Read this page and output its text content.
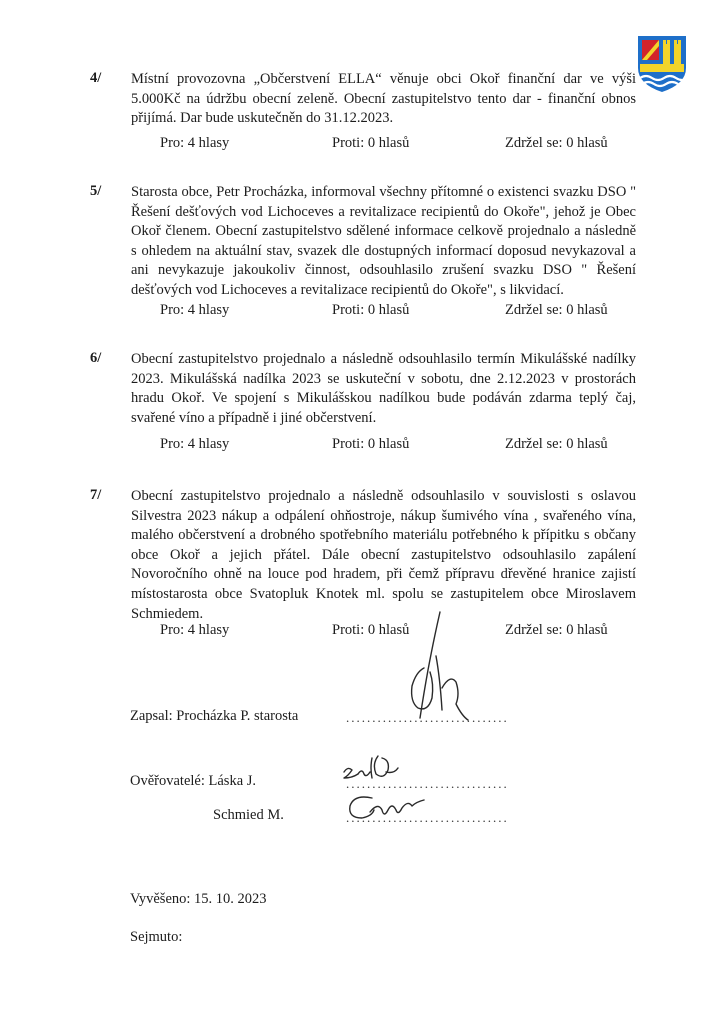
4/ Místní provozovna „Občerstvení ELLA“ věnuje obci Okoř finanční dar ve výši 5.000Kč na údržbu obecní zeleně. Obecní zastupitelstvo tento dar - finanční obnos přijímá. Dar bude uskutečněn do 31.12.2023.

Pro: 4 hlasy	Proti: 0 hlasů	Zdržel se: 0 hlasů
5/ Starosta obce, Petr Procházka, informoval všechny přítomné o existenci svazku DSO " Řešení dešťových vod Lichoceves a revitalizace recipientů do Okoře", jehož je Obec Okoř členem. Obecní zastupitelstvo sdělené informace celkově projednalo a následně s ohledem na aktuální stav, svazek dle dostupných informací doposud nevykazoval a ani nevykazuje jakoukoliv činnost, odsouhlasilo zrušení svazku DSO " Řešení dešťových vod Lichoceves a revitalizace recipientů do Okoře", s likvidací.

Pro: 4 hlasy	Proti: 0 hlasů	Zdržel se: 0 hlasů
6/ Obecní zastupitelstvo projednalo a následně odsouhlasilo termín Mikulášské nadílky 2023. Mikulášská nadílka 2023 se uskuteční v sobotu, dne 2.12.2023 v prostorách hradu Okoř. Ve spojení s Mikulášskou nadílkou bude podáván zdarma teplý čaj, svařené víno a případně i jiné občerstvení.

Pro: 4 hlasy	Proti: 0 hlasů	Zdržel se: 0 hlasů
7/ Obecní zastupitelstvo projednalo a následně odsouhlasilo v souvislosti s oslavou Silvestra 2023 nákup a odpálení ohňostroje, nákup šumivého vína , svařeného vína, malého občerstvení a drobného spotřebního materiálu potřebného k přípitku s občany obce Okoř a jejich přátel. Dále obecní zastupitelstvo odsouhlasilo zapálení Novoročního ohně na louce pod hradem, při čemž přípravu dřevěné hranice zajistí místostarosta obce Svatopluk Knotek ml. spolu se zastupitelem obce Miroslavem Schmiedem.

Pro: 4 hlasy	Proti: 0 hlasů	Zdržel se: 0 hlasů
Zapsal: Procházka P. starosta	...............................
Ověřovatelé: Láska J.	...............................
Schmied M.	...............................
Vyvěšeno: 15. 10. 2023
Sejmuto:
